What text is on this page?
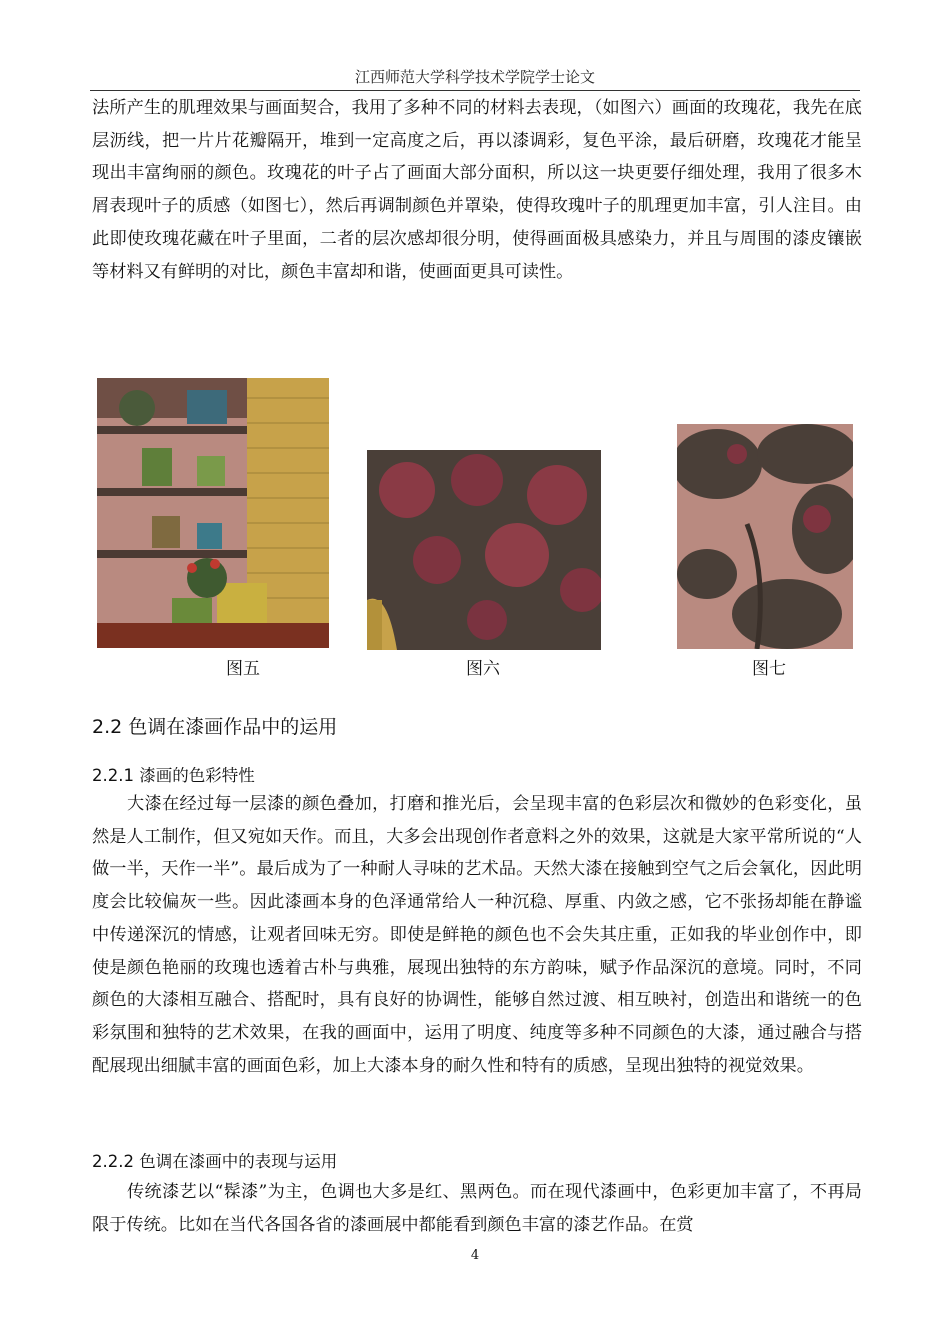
江西师范大学科学技术学院学士论文

法所产生的肌理效果与画面契合，我用了多种不同的材料去表现，（如图六）画面的玫瑰花，我先在底层沥线，把一片片花瓣隔开，堆到一定高度之后，再以漆调彩，复色平涂，最后研磨，玫瑰花才能呈现出丰富绚丽的颜色。玫瑰花的叶子占了画面大部分面积，所以这一块更要仔细处理，我用了很多木屑表现叶子的质感（如图七），然后再调制颜色并罩染，使得玫瑰叶子的肌理更加丰富，引人注目。由此即使玫瑰花藏在叶子里面，二者的层次感却很分明，使得画面极具感染力，并且与周围的漆皮镶嵌等材料又有鲜明的对比，颜色丰富却和谐，使画面更具可读性。

图五	图六	图七
2.2 色调在漆画作品中的运用
2.2.1 漆画的色彩特性

大漆在经过每一层漆的颜色叠加，打磨和推光后，会呈现丰富的色彩层次和微妙的色彩变化，虽然是人工制作，但又宛如天作。而且，大多会出现创作者意料之外的效果，这就是大家平常所说的“人做一半，天作一半”。最后成为了一种耐人寻味的艺术品。天然大漆在接触到空气之后会氧化，因此明度会比较偏灰一些。因此漆画本身的色泽通常给人一种沉稳、厚重、内敛之感，它不张扬却能在静谧中传递深沉的情感，让观者回味无穷。即使是鲜艳的颜色也不会失其庄重，正如我的毕业创作中，即使是颜色艳丽的玫瑰也透着古朴与典雅，展现出独特的东方韵味，赋予作品深沉的意境。同时，不同颜色的大漆相互融合、搭配时，具有良好的协调性，能够自然过渡、相互映衬，创造出和谐统一的色彩氛围和独特的艺术效果，在我的画面中，运用了明度、纯度等多种不同颜色的大漆，通过融合与搭配展现出细腻丰富的画面色彩，加上大漆本身的耐久性和特有的质感，呈现出独特的视觉效果。

2.2.2 色调在漆画中的表现与运用

传统漆艺以“髹漆”为主，色调也大多是红、黑两色。而在现代漆画中，色彩更加丰富了，不再局限于传统。比如在当代各国各省的漆画展中都能看到颜色丰富的漆艺作品。在赏

4
